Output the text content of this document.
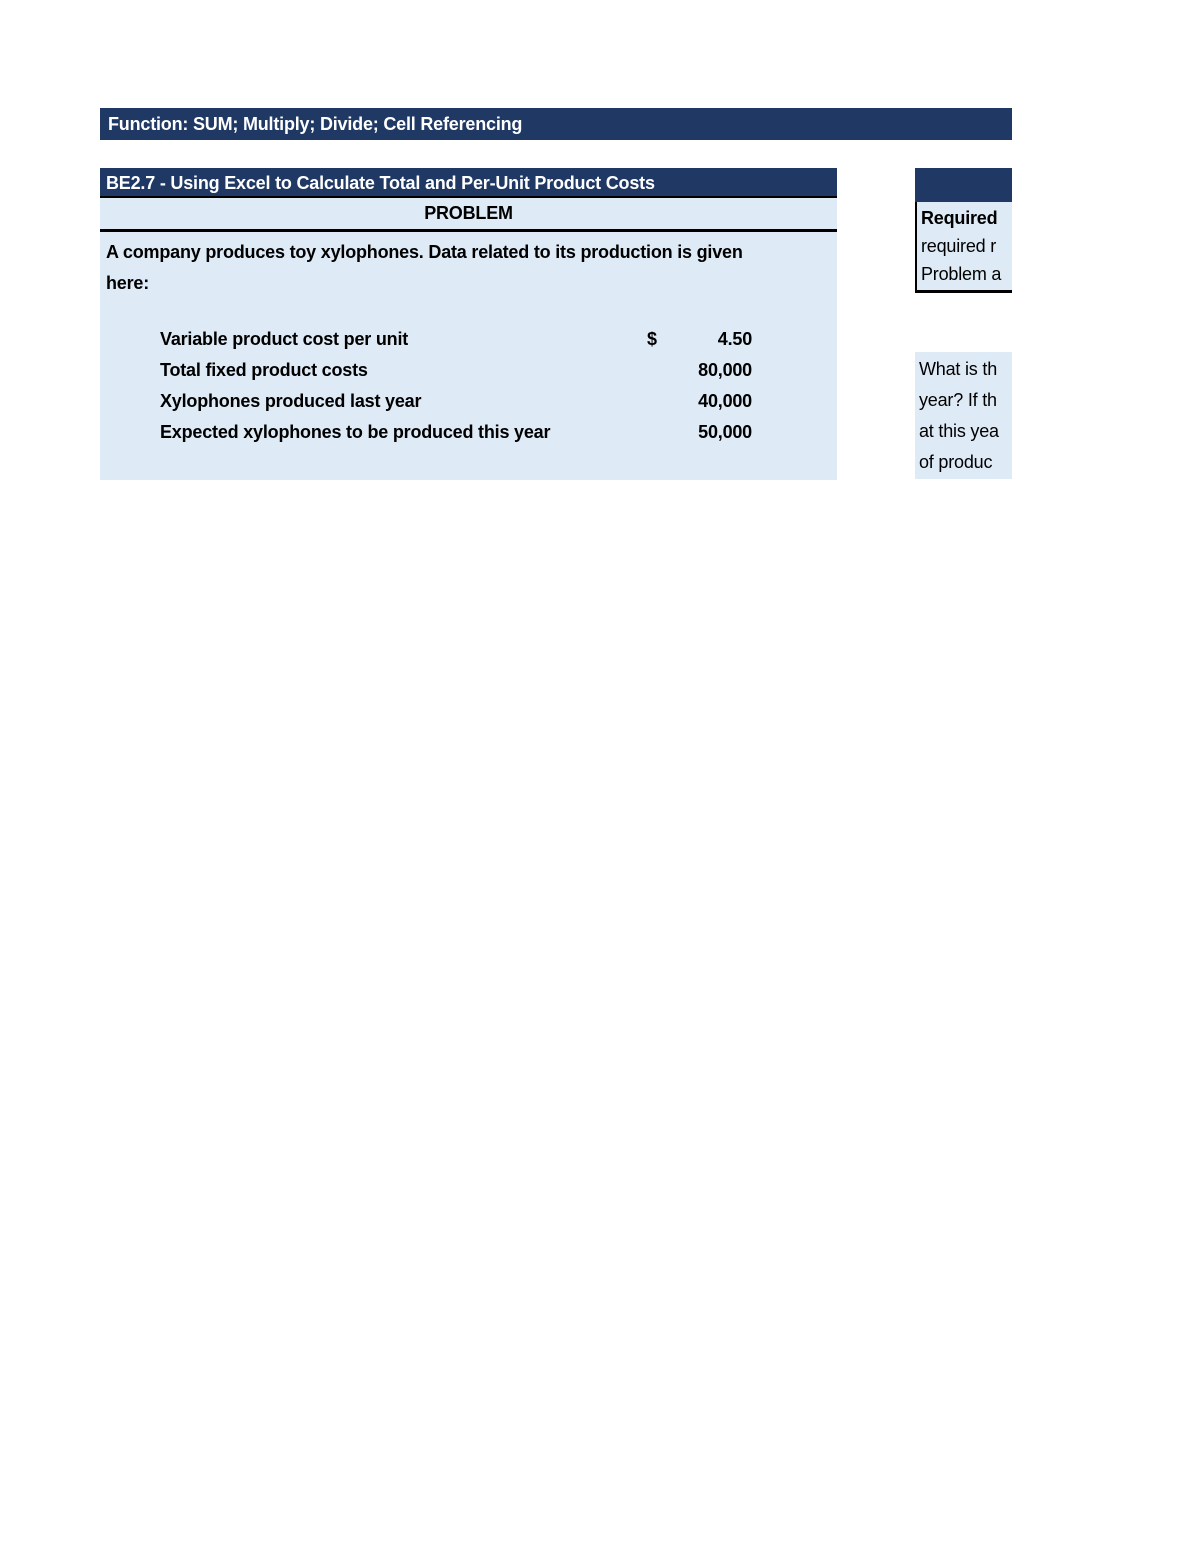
Function: SUM; Multiply; Divide; Cell Referencing
BE2.7 - Using Excel to Calculate Total and Per-Unit Product Costs
PROBLEM
A company produces toy xylophones. Data related to its production is given
here:
Variable product cost per unit	$	4.50
Total fixed product costs	80,000
Xylophones produced last year	40,000
Expected xylophones to be produced this year	50,000
Required
required r
Problem a
What is th
year? If th
at this yea
of produc
